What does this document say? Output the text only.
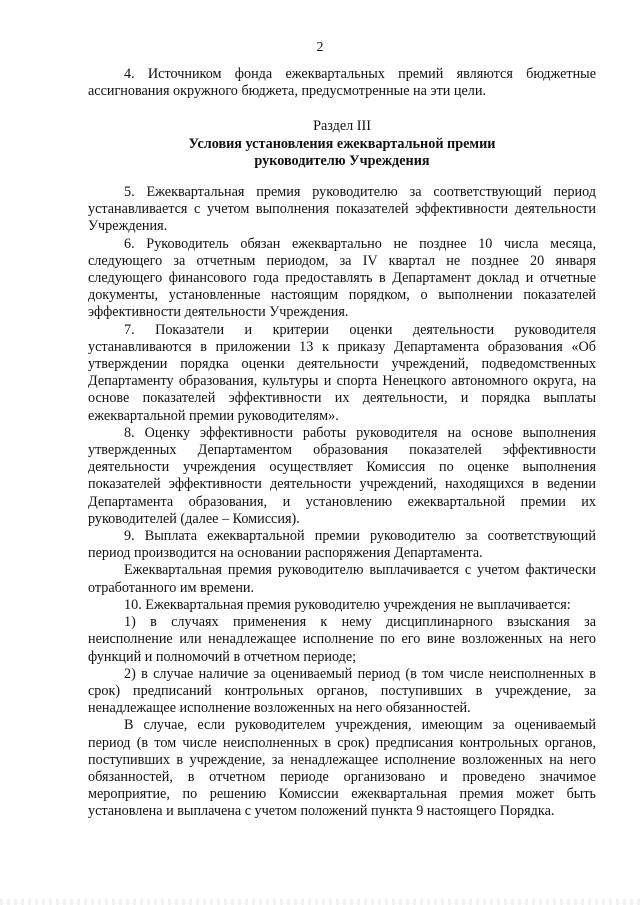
2

4. Источником фонда ежеквартальных премий являются бюджетные ассигнования окружного бюджета, предусмотренные на эти цели.

Раздел III
Условия установления ежеквартальной премии
руководителю Учреждения

5. Ежеквартальная премия руководителю за соответствующий период устанавливается с учетом выполнения показателей эффективности деятельности Учреждения.

6. Руководитель обязан ежеквартально не позднее 10 числа месяца, следующего за отчетным периодом, за IV квартал не позднее 20 января следующего финансового года предоставлять в Департамент доклад и отчетные документы, установленные настоящим порядком, о выполнении показателей эффективности деятельности Учреждения.

7. Показатели и критерии оценки деятельности руководителя устанавливаются в приложении 13 к приказу Департамента образования «Об утверждении порядка оценки деятельности учреждений, подведомственных Департаменту образования, культуры и спорта Ненецкого автономного округа, на основе показателей эффективности их деятельности, и порядка выплаты ежеквартальной премии руководителям».

8. Оценку эффективности работы руководителя на основе выполнения утвержденных Департаментом образования показателей эффективности деятельности учреждения осуществляет Комиссия по оценке выполнения показателей эффективности деятельности учреждений, находящихся в ведении Департамента образования, и установлению ежеквартальной премии их руководителей (далее – Комиссия).

9. Выплата ежеквартальной премии руководителю за соответствующий период производится на основании распоряжения Департамента.

Ежеквартальная премия руководителю выплачивается с учетом фактически отработанного им времени.

10. Ежеквартальная премия руководителю учреждения не выплачивается:

1) в случаях применения к нему дисциплинарного взыскания за неисполнение или ненадлежащее исполнение по его вине возложенных на него функций и полномочий в отчетном периоде;

2) в случае наличие за оцениваемый период (в том числе неисполненных в срок) предписаний контрольных органов, поступивших в учреждение, за ненадлежащее исполнение возложенных на него обязанностей.

В случае, если руководителем учреждения, имеющим за оцениваемый период (в том числе неисполненных в срок) предписания контрольных органов, поступивших в учреждение, за ненадлежащее исполнение возложенных на него обязанностей, в отчетном периоде организовано и проведено значимое мероприятие, по решению Комиссии ежеквартальная премия может быть установлена и выплачена с учетом положений пункта 9 настоящего Порядка.
